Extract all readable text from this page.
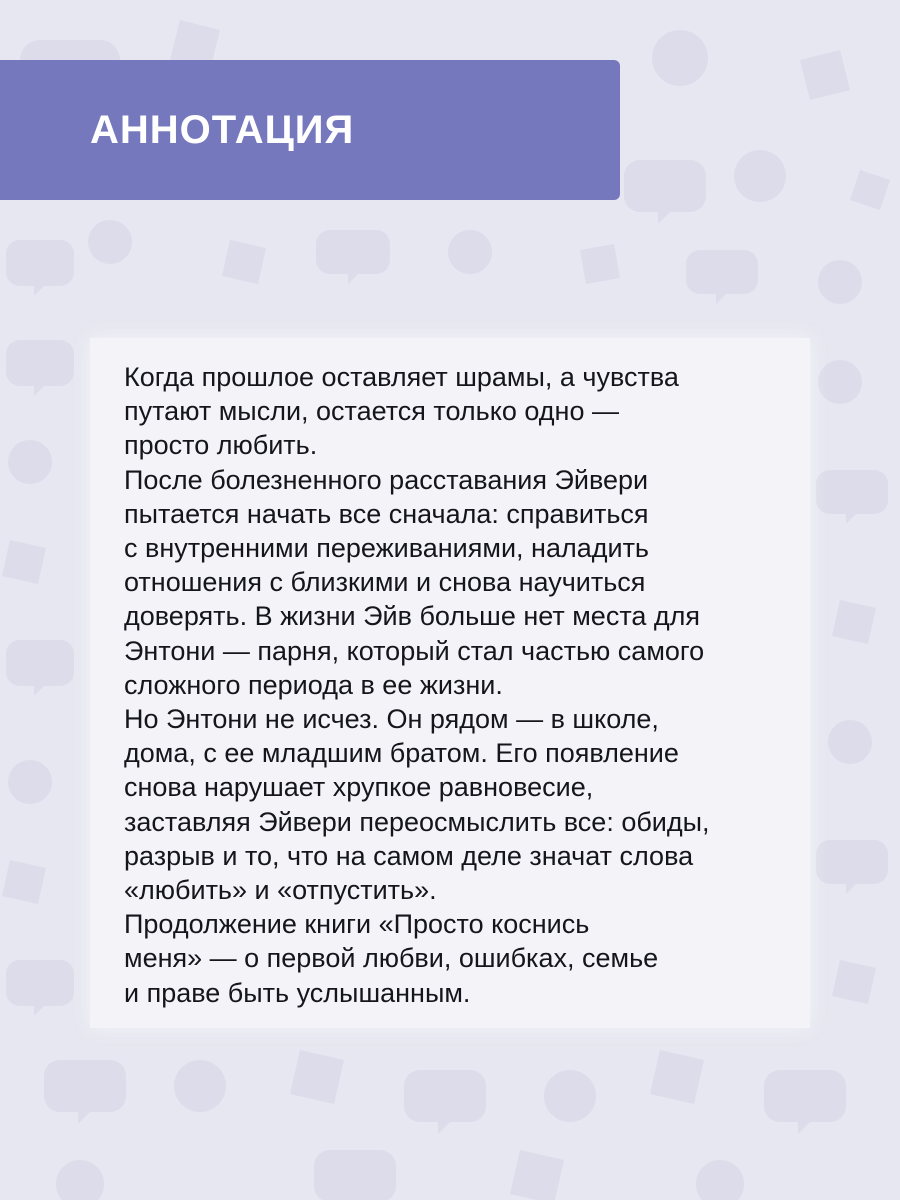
АННОТАЦИЯ

Когда прошлое оставляет шрамы, а чувства
путают мысли, остается только одно —
просто любить.
После болезненного расставания Эйвери
пытается начать все сначала: справиться
с внутренними переживаниями, наладить
отношения с близкими и снова научиться
доверять. В жизни Эйв больше нет места для
Энтони — парня, который стал частью самого
сложного периода в ее жизни.
Но Энтони не исчез. Он рядом — в школе,
дома, с ее младшим братом. Его появление
снова нарушает хрупкое равновесие,
заставляя Эйвери переосмыслить все: обиды,
разрыв и то, что на самом деле значат слова
«любить» и «отпустить».
Продолжение книги «Просто коснись
меня» — о первой любви, ошибках, семье
и праве быть услышанным.
